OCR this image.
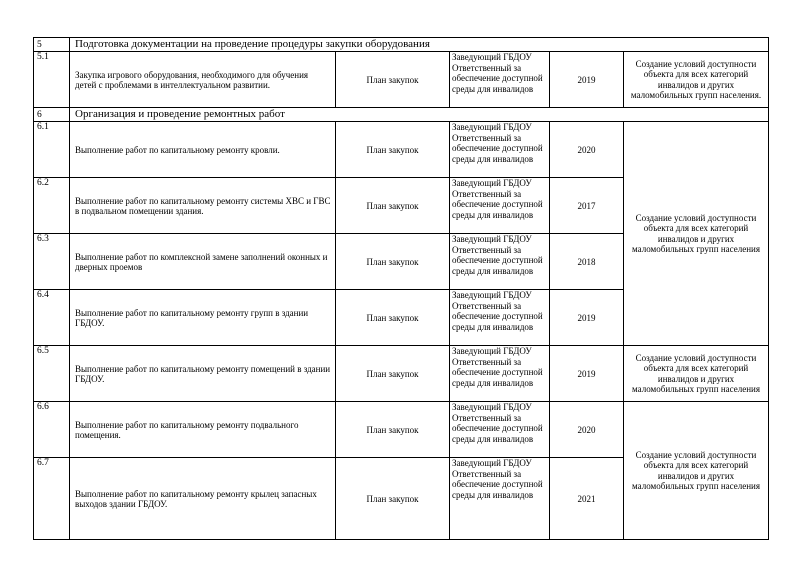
5	Подготовка документации на проведение процедуры закупки оборудования				
5.1	Закупка игрового оборудования, необходимого для обучения детей с проблемами в интеллектуальном развитии.	План закупок	Заведующий ГБДОУ Ответственный за обеспечение доступной среды для инвалидов	2019	Создание условий доступности объекта для всех категорий инвалидов и других маломобильных групп населения.
6	Организация и проведение ремонтных работ				
6.1	Выполнение работ по капитальному ремонту кровли.	План закупок	Заведующий ГБДОУ Ответственный за обеспечение доступной среды для инвалидов	2020	Создание условий доступности объекта для всех категорий инвалидов и других маломобильных групп населения
6.2	Выполнение работ по капитальному ремонту системы ХВС и ГВС в подвальном помещении здания.	План закупок	Заведующий ГБДОУ Ответственный за обеспечение доступной среды для инвалидов	2017	
6.3	Выполнение работ по комплексной замене заполнений оконных и дверных проемов	План закупок	Заведующий ГБДОУ Ответственный за обеспечение доступной среды для инвалидов	2018	
6.4	Выполнение работ по капитальному ремонту групп в здании ГБДОУ.	План закупок	Заведующий ГБДОУ Ответственный за обеспечение доступной среды для инвалидов	2019	
6.5	Выполнение работ по капитальному ремонту помещений в здании ГБДОУ.	План закупок	Заведующий ГБДОУ Ответственный за обеспечение доступной среды для инвалидов	2019	Создание условий доступности объекта для всех категорий инвалидов и других маломобильных групп населения
6.6	Выполнение работ по капитальному ремонту подвального помещения.	План закупок	Заведующий ГБДОУ Ответственный за обеспечение доступной среды для инвалидов	2020	Создание условий доступности объекта для всех категорий инвалидов и других маломобильных групп населения
6.7	Выполнение работ по капитальному ремонту крылец запасных выходов здании ГБДОУ.	План закупок	Заведующий ГБДОУ Ответственный за обеспечение доступной среды для инвалидов	2021	
